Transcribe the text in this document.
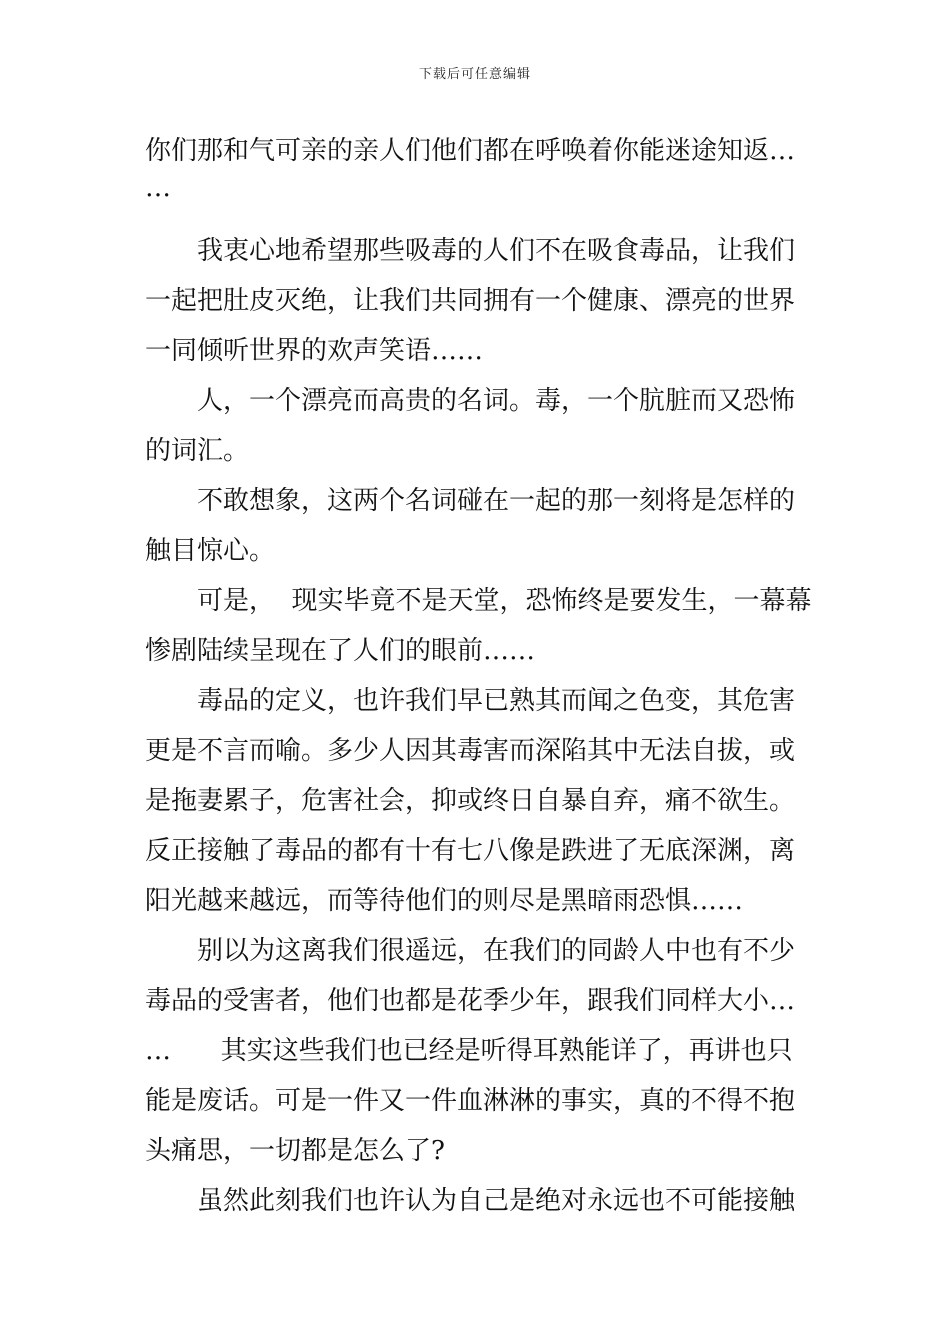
下载后可任意编辑
你们那和气可亲的亲人们他们都在呼唤着你能迷途知返…
…
我衷心地希望那些吸毒的人们不在吸食毒品，让我们
一起把肚皮灭绝，让我们共同拥有一个健康、漂亮的世界
一同倾听世界的欢声笑语……
人，一个漂亮而高贵的名词。毒，一个肮脏而又恐怖
的词汇。
不敢想象，这两个名词碰在一起的那一刻将是怎样的
触目惊心。
可是，  现实毕竟不是天堂，恐怖终是要发生，一幕幕
惨剧陆续呈现在了人们的眼前……
毒品的定义，也许我们早已熟其而闻之色变，其危害
更是不言而喻。多少人因其毒害而深陷其中无法自拔，或
是拖妻累子，危害社会，抑或终日自暴自弃，痛不欲生。
反正接触了毒品的都有十有七八像是跌进了无底深渊，离
阳光越来越远，而等待他们的则尽是黑暗雨恐惧……
别以为这离我们很遥远，在我们的同龄人中也有不少
毒品的受害者，他们也都是花季少年，跟我们同样大小…
…      其实这些我们也已经是听得耳熟能详了，再讲也只
能是废话。可是一件又一件血淋淋的事实，真的不得不抱
头痛思，一切都是怎么了?
虽然此刻我们也许认为自己是绝对永远也不可能接触
